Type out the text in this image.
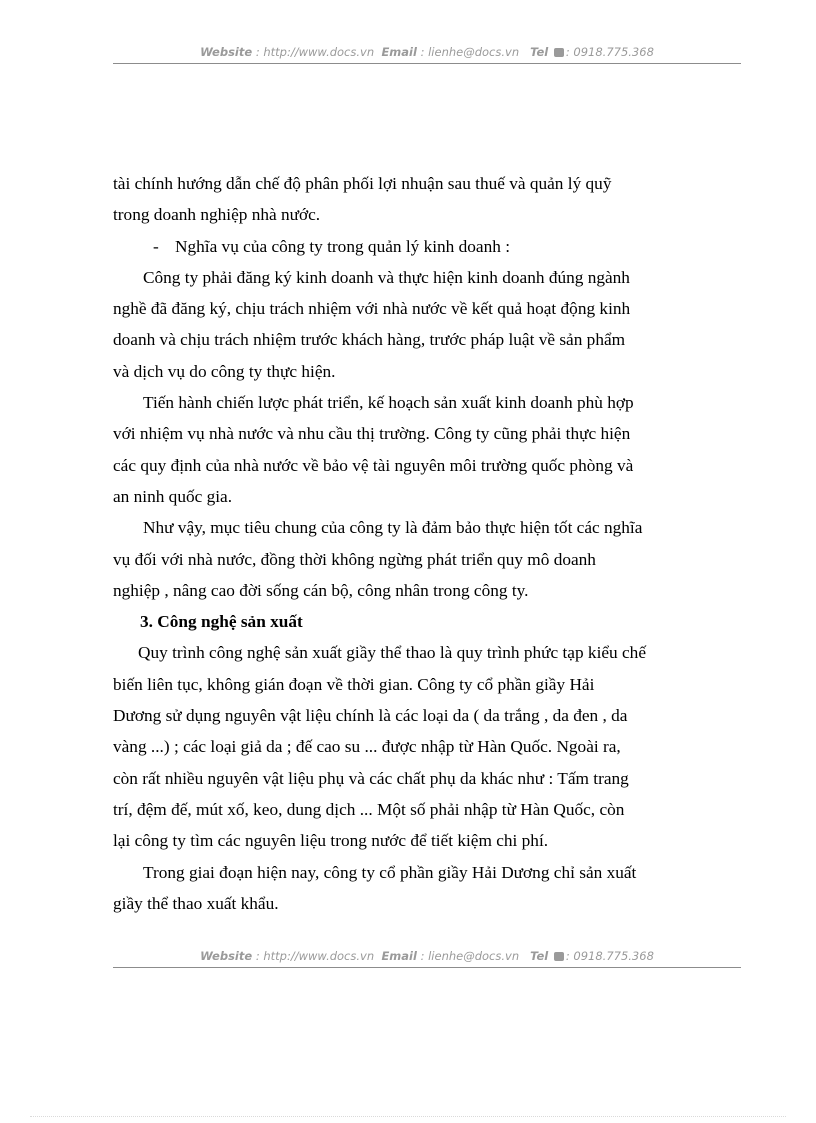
Website : http://www.docs.vn Email : lienhe@docs.vn Tel : 0918.775.368
tài chính hướng dẫn chế độ phân phối lợi nhuận sau thuế và quản lý quỹ
trong doanh nghiệp nhà nước.
- Nghĩa vụ của công ty trong quản lý kinh doanh :
Công ty phải đăng ký kinh doanh và thực hiện kinh doanh đúng ngành
nghề đã đăng ký, chịu trách nhiệm với nhà nước về kết quả hoạt động kinh
doanh và chịu trách nhiệm trước khách hàng, trước pháp luật về sản phẩm
và dịch vụ do công ty thực hiện.
Tiến hành chiến lược phát triển, kế hoạch sản xuất kinh doanh phù hợp
với nhiệm vụ nhà nước và nhu cầu thị trường. Công ty cũng phải thực hiện
các quy định của nhà nước về bảo vệ tài nguyên môi trường quốc phòng và
an ninh quốc gia.
Như vậy, mục tiêu chung của công ty là đảm bảo thực hiện tốt các nghĩa
vụ đối với nhà nước, đồng thời không ngừng phát triển quy mô doanh
nghiệp , nâng cao đời sống cán bộ, công nhân trong công ty.
3. Công nghệ sản xuất
Quy trình công nghệ sản xuất giầy thể thao là quy trình phức tạp kiểu chế
biến liên tục, không gián đoạn về thời gian. Công ty cổ phần giầy Hải
Dương sử dụng nguyên vật liệu chính là các loại da ( da trắng , da đen , da
vàng ...) ; các loại giả da ; đế cao su ... được nhập từ Hàn Quốc. Ngoài ra,
còn rất nhiều nguyên vật liệu phụ và các chất phụ da khác như : Tấm trang
trí, đệm đế, mút xố, keo, dung dịch ... Một số phải nhập từ Hàn Quốc, còn
lại công ty tìm các nguyên liệu trong nước để tiết kiệm chi phí.
Trong giai đoạn hiện nay, công ty cổ phần giầy Hải Dương chỉ sản xuất
giầy thể thao xuất khẩu.
Website : http://www.docs.vn Email : lienhe@docs.vn Tel : 0918.775.368
